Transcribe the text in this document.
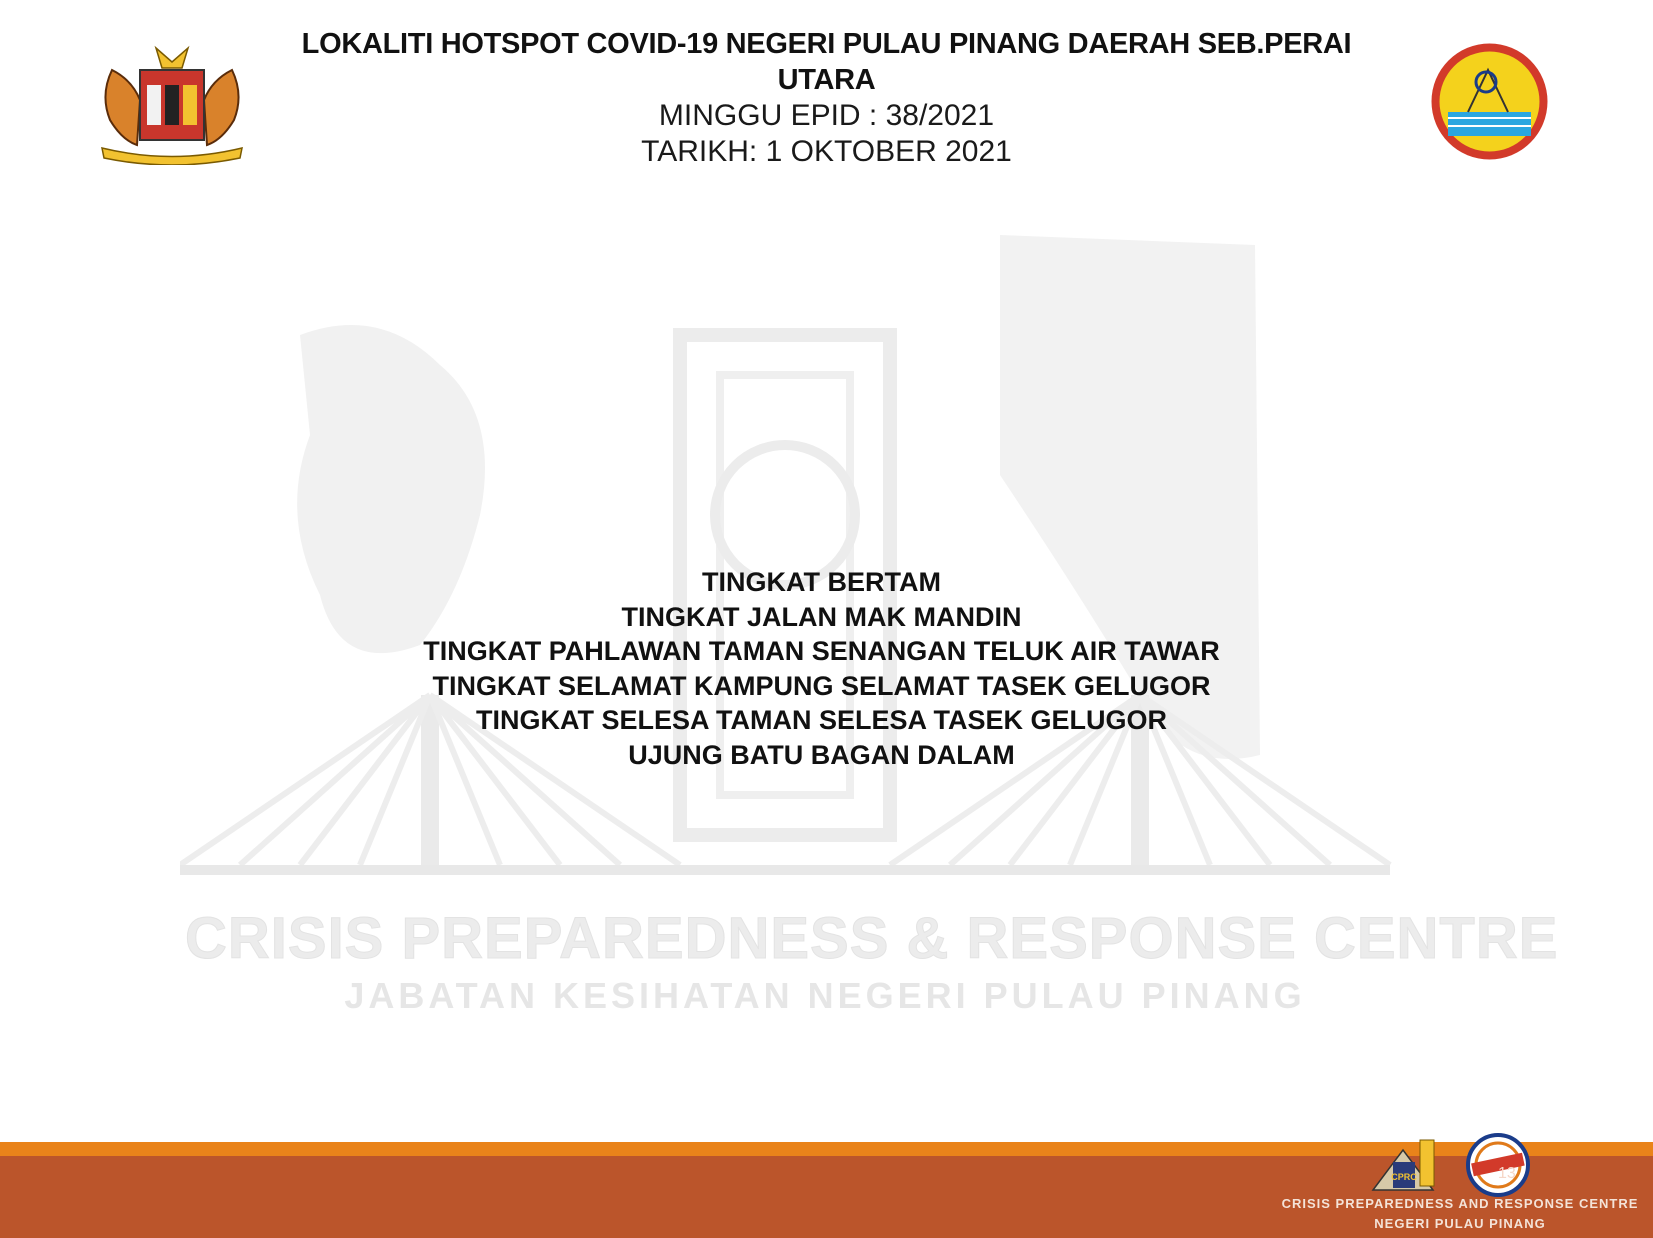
LOKALITI HOTSPOT COVID-19 NEGERI PULAU PINANG DAERAH SEB.PERAI
UTARA
MINGGU EPID : 38/2021
TARIKH: 1 OKTOBER 2021
CRISIS PREPAREDNESS & RESPONSE CENTRE
JABATAN KESIHATAN NEGERI PULAU PINANG
TINGKAT BERTAM
TINGKAT JALAN MAK MANDIN
TINGKAT PAHLAWAN TAMAN SENANGAN TELUK AIR TAWAR
TINGKAT SELAMAT KAMPUNG SELAMAT TASEK GELUGOR
TINGKAT SELESA TAMAN SELESA TASEK GELUGOR
UJUNG BATU BAGAN DALAM
CPRC	13
CRISIS PREPAREDNESS AND RESPONSE CENTRE
NEGERI PULAU PINANG
